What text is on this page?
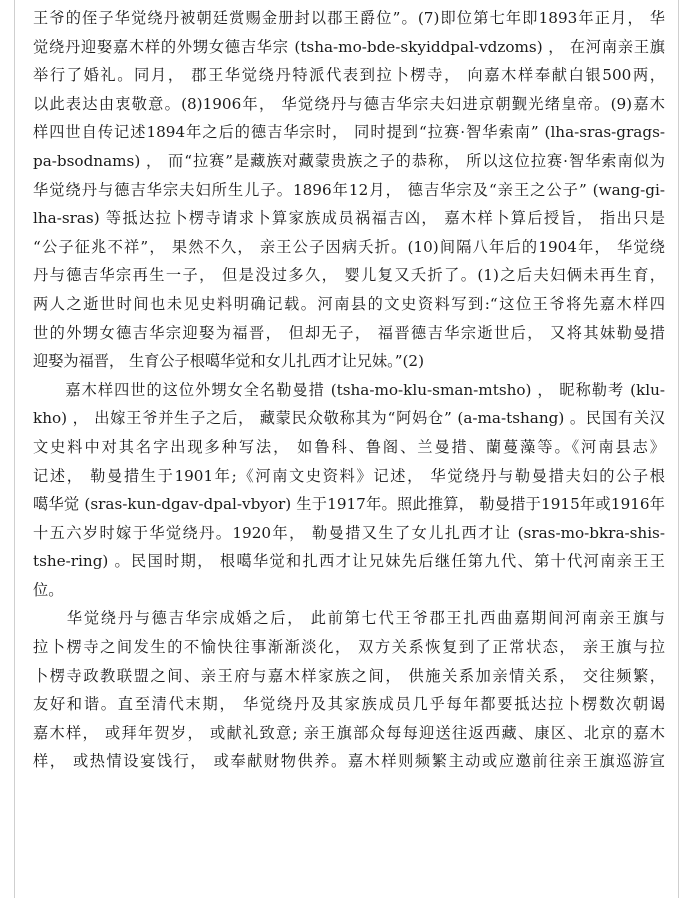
王爷的侄子华觉绕丹被朝廷赏赐金册封以郡王爵位”。(7)即位第七年即1893年正月， 华
觉绕丹迎娶嘉木样的外甥女德吉华宗 (tsha-mo-bde-skyiddpal-vdzoms) ， 在河南亲王旗
举行了婚礼。同月， 郡王华觉绕丹特派代表到拉卜楞寺， 向嘉木样奉献白银500两，
以此表达由衷敬意。(8)1906年， 华觉绕丹与德吉华宗夫妇进京朝觐光绪皇帝。(9)嘉木
样四世自传记述1894年之后的德吉华宗时， 同时提到“拉赛·智华索南” (lha-sras-grags-
pa-bsodnams) ， 而“拉赛”是藏族对藏蒙贵族之子的恭称， 所以这位拉赛·智华索南似为
华觉绕丹与德吉华宗夫妇所生儿子。1896年12月， 德吉华宗及“亲王之公子” (wang-gi-
lha-sras) 等抵达拉卜楞寺请求卜算家族成员祸福吉凶， 嘉木样卜算后授旨， 指出只是
“公子征兆不祥”， 果然不久， 亲王公子因病夭折。(10)间隔八年后的1904年， 华觉绕
丹与德吉华宗再生一子， 但是没过多久， 婴儿复又夭折了。(1)之后夫妇俩未再生育，
两人之逝世时间也未见史料明确记载。河南县的文史资料写到:“这位王爷将先嘉木样四
世的外甥女德吉华宗迎娶为福晋， 但却无子， 福晋德吉华宗逝世后， 又将其妹勒曼措
迎娶为福晋， 生育公子根噶华觉和女儿扎西才让兄妹。”(2)
　　嘉木样四世的这位外甥女全名勒曼措 (tsha-mo-klu-sman-mtsho) ， 昵称勒考 (klu-
kho) ， 出嫁王爷并生子之后， 藏蒙民众敬称其为“阿妈仓” (a-ma-tshang) 。民国有关汉
文史料中对其名字出现多种写法， 如鲁科、鲁阁、兰曼措、蘭蔓藻等。《河南县志》
记述， 勒曼措生于1901年;《河南文史资料》记述， 华觉绕丹与勒曼措夫妇的公子根
噶华觉 (sras-kun-dgav-dpal-vbyor) 生于1917年。照此推算， 勒曼措于1915年或1916年
十五六岁时嫁于华觉绕丹。1920年， 勒曼措又生了女儿扎西才让 (sras-mo-bkra-shis-
tshe-ring) 。民国时期， 根噶华觉和扎西才让兄妹先后继任第九代、第十代河南亲王王
位。
　　华觉绕丹与德吉华宗成婚之后， 此前第七代王爷郡王扎西曲嘉期间河南亲王旗与
拉卜楞寺之间发生的不愉快往事渐渐淡化， 双方关系恢复到了正常状态， 亲王旗与拉
卜楞寺政教联盟之间、亲王府与嘉木样家族之间， 供施关系加亲情关系， 交往频繁，
友好和谐。直至清代末期， 华觉绕丹及其家族成员几乎每年都要抵达拉卜楞数次朝谒
嘉木样， 或拜年贺岁， 或献礼致意; 亲王旗部众每每迎送往返西藏、康区、北京的嘉木
样， 或热情设宴饯行， 或奉献财物供养。嘉木样则频繁主动或应邀前往亲王旗巡游宣
